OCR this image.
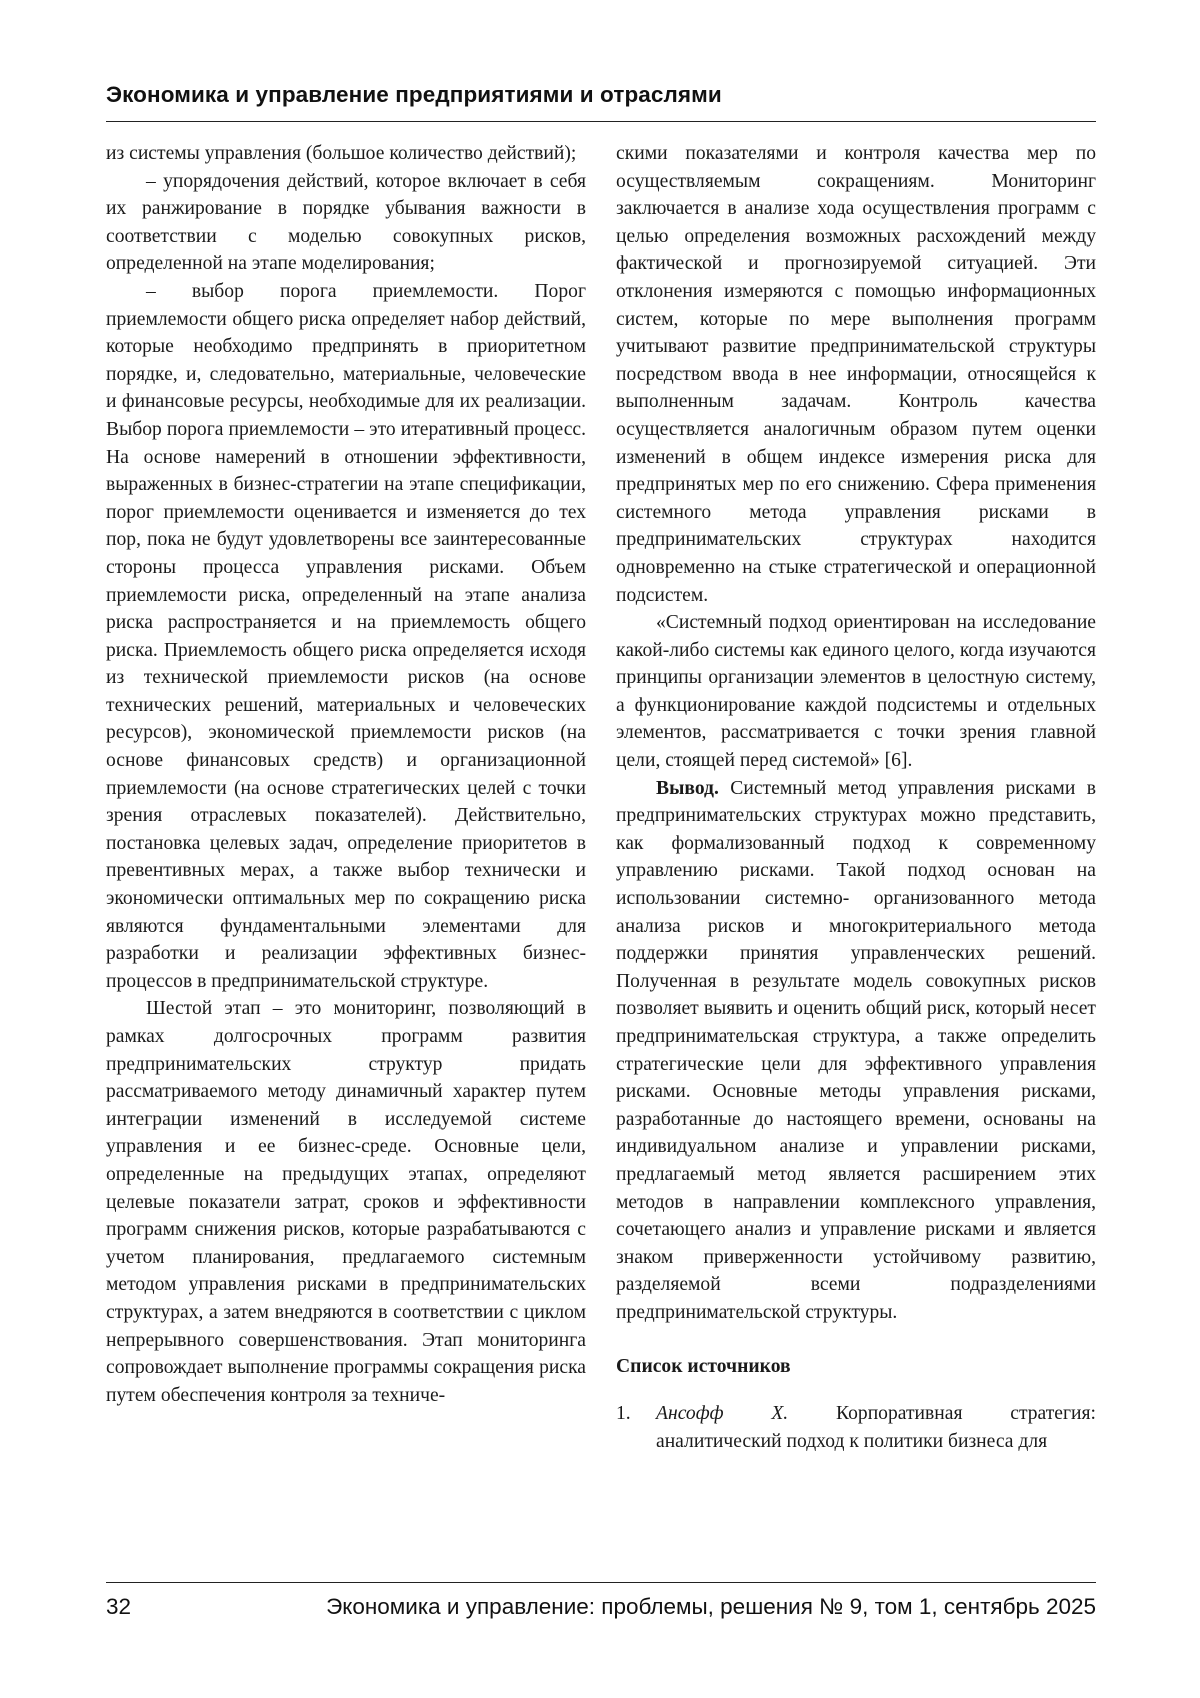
Экономика и управление предприятиями и отраслями

из системы управления (большое количество действий);

– упорядочения действий, которое включает в себя их ранжирование в порядке убывания важности в соответствии с моделью совокупных рисков, определенной на этапе моделирования;

– выбор порога приемлемости. Порог приемлемости общего риска определяет набор действий, которые необходимо предпринять в приоритетном порядке, и, следовательно, материальные, человеческие и финансовые ресурсы, необходимые для их реализации. Выбор порога приемлемости – это итеративный процесс. На основе намерений в отношении эффективности, выраженных в бизнес-стратегии на этапе спецификации, порог приемлемости оценивается и изменяется до тех пор, пока не будут удовлетворены все заинтересованные стороны процесса управления рисками. Объем приемлемости риска, определенный на этапе анализа риска распространяется и на приемлемость общего риска. Приемлемость общего риска определяется исходя из технической приемлемости рисков (на основе технических решений, материальных и человеческих ресурсов), экономической приемлемости рисков (на основе финансовых средств) и организационной приемлемости (на основе стратегических целей с точки зрения отраслевых показателей). Действительно, постановка целевых задач, определение приоритетов в превентивных мерах, а также выбор технически и экономически оптимальных мер по сокращению риска являются фундаментальными элементами для разработки и реализации эффективных бизнес-процессов в предпринимательской структуре.

Шестой этап – это мониторинг, позволяющий в рамках долгосрочных программ развития предпринимательских структур придать рассматриваемого методу динамичный характер путем интеграции изменений в исследуемой системе управления и ее бизнес-среде. Основные цели, определенные на предыдущих этапах, определяют целевые показатели затрат, сроков и эффективности программ снижения рисков, которые разрабатываются с учетом планирования, предлагаемого системным методом управления рисками в предпринимательских структурах, а затем внедряются в соответствии с циклом непрерывного совершенствования. Этап мониторинга сопровождает выполнение программы сокращения риска путем обеспечения контроля за техниче-

скими показателями и контроля качества мер по осуществляемым сокращениям. Мониторинг заключается в анализе хода осуществления программ с целью определения возможных расхождений между фактической и прогнозируемой ситуацией. Эти отклонения измеряются с помощью информационных систем, которые по мере выполнения программ учитывают развитие предпринимательской структуры посредством ввода в нее информации, относящейся к выполненным задачам. Контроль качества осуществляется аналогичным образом путем оценки изменений в общем индексе измерения риска для предпринятых мер по его снижению. Сфера применения системного метода управления рисками в предпринимательских структурах находится одновременно на стыке стратегической и операционной подсистем.

«Системный подход ориентирован на исследование какой-либо системы как единого целого, когда изучаются принципы организации элементов в целостную систему, а функционирование каждой подсистемы и отдельных элементов, рассматривается с точки зрения главной цели, стоящей перед системой» [6].

Вывод. Системный метод управления рисками в предпринимательских структурах можно представить, как формализованный подход к современному управлению рисками. Такой подход основан на использовании системно- организованного метода анализа рисков и многокритериального метода поддержки принятия управленческих решений. Полученная в результате модель совокупных рисков позволяет выявить и оценить общий риск, который несет предпринимательская структура, а также определить стратегические цели для эффективного управления рисками. Основные методы управления рисками, разработанные до настоящего времени, основаны на индивидуальном анализе и управлении рисками, предлагаемый метод является расширением этих методов в направлении комплексного управления, сочетающего анализ и управление рисками и является знаком приверженности устойчивому развитию, разделяемой всеми подразделениями предпринимательской структуры.

Список источников

1.	Ансофф Х. Корпоративная стратегия: аналитический подход к политики бизнеса для
32	Экономика и управление: проблемы, решения № 9, том 1, сентябрь 2025
